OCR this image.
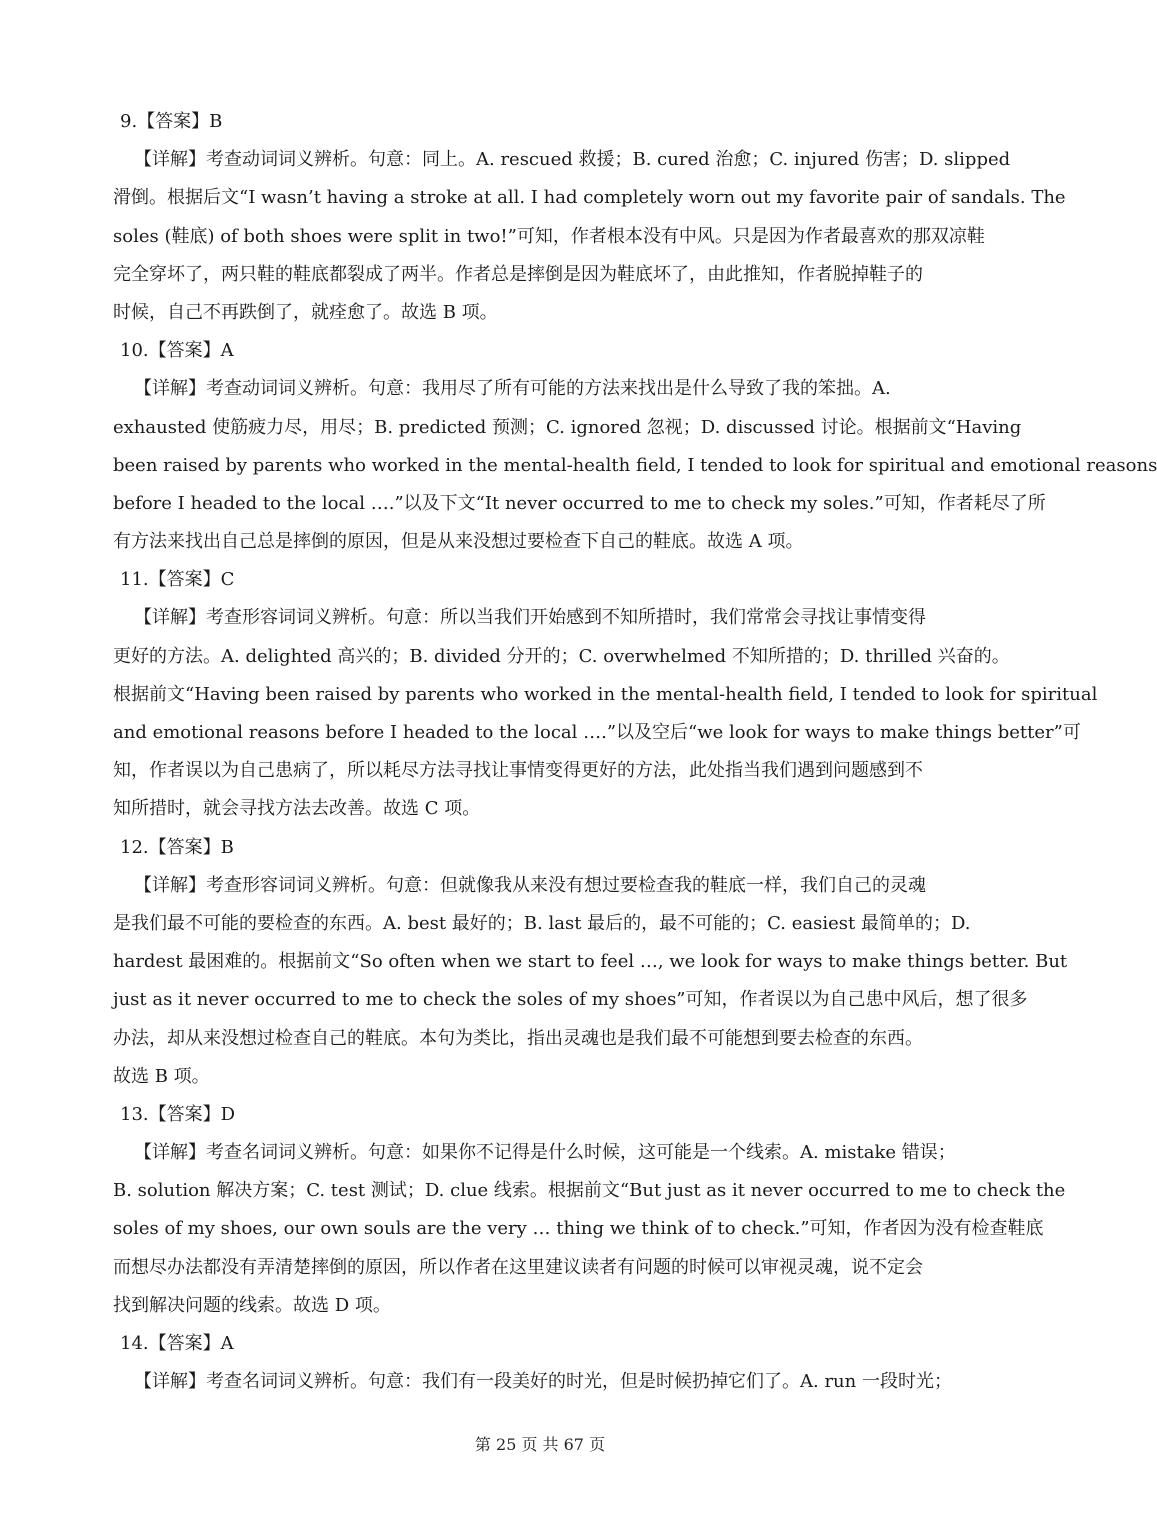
9.【答案】B
【详解】考查动词词义辨析。句意：同上。A. rescued 救援；B. cured 治愈；C. injured 伤害；D. slipped
滑倒。根据后文“I wasn’t having a stroke at all. I had completely worn out my favorite pair of sandals. The
soles (鞋底) of both shoes were split in two!”可知，作者根本没有中风。只是因为作者最喜欢的那双凉鞋
完全穿坏了，两只鞋的鞋底都裂成了两半。作者总是摔倒是因为鞋底坏了，由此推知，作者脱掉鞋子的
时候，自己不再跌倒了，就痊愈了。故选 B 项。
10.【答案】A
【详解】考查动词词义辨析。句意：我用尽了所有可能的方法来找出是什么导致了我的笨拙。A.
exhausted 使筋疲力尽，用尽；B. predicted 预测；C. ignored 忽视；D. discussed 讨论。根据前文“Having
been raised by parents who worked in the mental-health field, I tended to look for spiritual and emotional reasons
before I headed to the local ….”以及下文“It never occurred to me to check my soles.”可知，作者耗尽了所
有方法来找出自己总是摔倒的原因，但是从来没想过要检查下自己的鞋底。故选 A 项。
11.【答案】C
【详解】考查形容词词义辨析。句意：所以当我们开始感到不知所措时，我们常常会寻找让事情变得
更好的方法。A. delighted 高兴的；B. divided 分开的；C. overwhelmed 不知所措的；D. thrilled 兴奋的。
根据前文“Having been raised by parents who worked in the mental-health field, I tended to look for spiritual
and emotional reasons before I headed to the local ….”以及空后“we look for ways to make things better”可
知，作者误以为自己患病了，所以耗尽方法寻找让事情变得更好的方法，此处指当我们遇到问题感到不
知所措时，就会寻找方法去改善。故选 C 项。
12.【答案】B
【详解】考查形容词词义辨析。句意：但就像我从来没有想过要检查我的鞋底一样，我们自己的灵魂
是我们最不可能的要检查的东西。A. best 最好的；B. last 最后的，最不可能的；C. easiest 最简单的；D.
hardest 最困难的。根据前文“So often when we start to feel …, we look for ways to make things better. But
just as it never occurred to me to check the soles of my shoes”可知，作者误以为自己患中风后，想了很多
办法，却从来没想过检查自己的鞋底。本句为类比，指出灵魂也是我们最不可能想到要去检查的东西。
故选 B 项。
13.【答案】D
【详解】考查名词词义辨析。句意：如果你不记得是什么时候，这可能是一个线索。A. mistake 错误；
B. solution 解决方案；C. test 测试；D. clue 线索。根据前文“But just as it never occurred to me to check the
soles of my shoes, our own souls are the very … thing we think of to check.”可知，作者因为没有检查鞋底
而想尽办法都没有弄清楚摔倒的原因，所以作者在这里建议读者有问题的时候可以审视灵魂，说不定会
找到解决问题的线索。故选 D 项。
14.【答案】A
【详解】考查名词词义辨析。句意：我们有一段美好的时光，但是时候扔掉它们了。A. run 一段时光；
第 25 页 共 67 页
